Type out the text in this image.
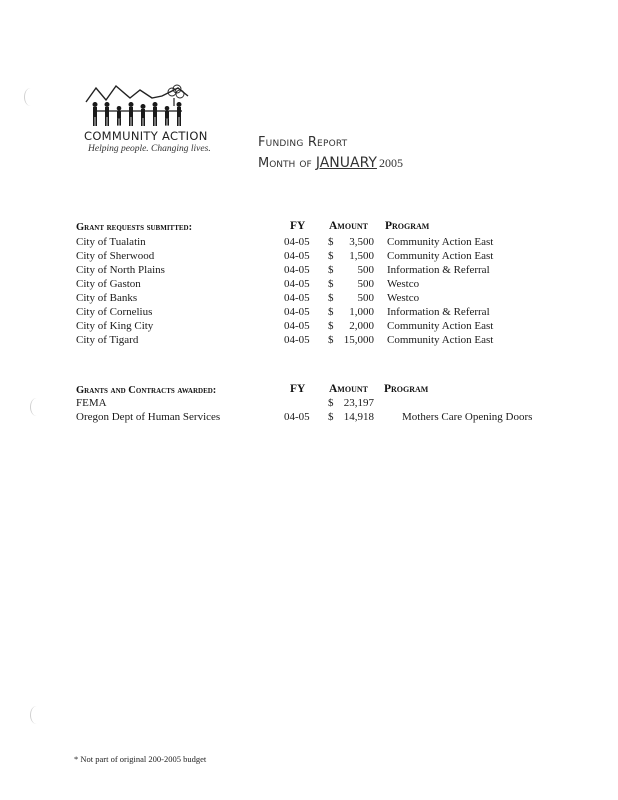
COMMUNITY ACTION
Helping people. Changing lives.	Funding Report
Month of JANUARY 2005
Grant requests submitted:	FY Amount Program
City of Tualatin	04-05 $	3,500 Community Action East
City of Sherwood	04-05 $	1,500 Community Action East
City of North Plains	04-05 $	500 Information & Referral
City of Gaston	04-05 $	500 Westco
City of Banks	04-05 $	500 Westco
City of Cornelius	04-05 $	1,000 Information & Referral
City of King City	04-05 $	2,000 Community Action East
City of Tigard	04-05 $ 15,000 Community Action East
Grants and Contracts awarded:	FY Amount Program
FEMA	$ 23,197
Oregon Dept of Human Services	04-05 $ 14,918	Mothers Care Opening Doors
* Not part of original 200-2005 budget
